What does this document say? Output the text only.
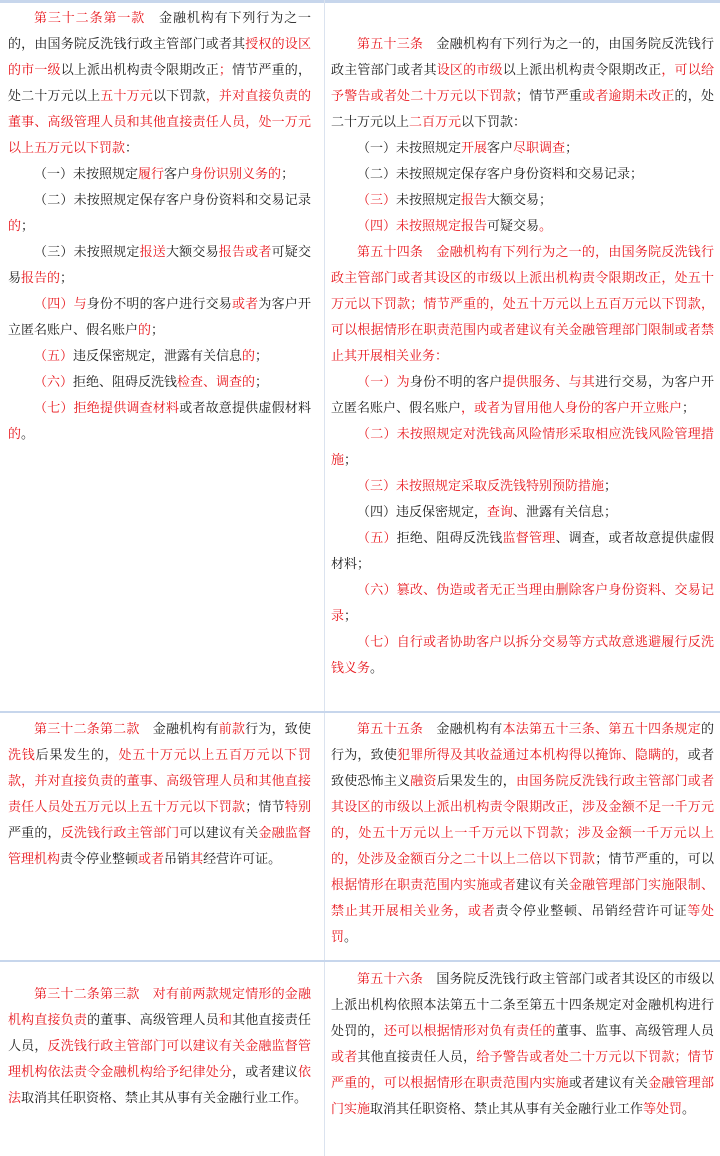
第三十二条第一款　金融机构有下列行为之一的，由国务院反洗钱行政主管部门或者其授权的设区的市一级以上派出机构责令限期改正；情节严重的，处二十万元以上五十万元以下罚款，并对直接负责的董事、高级管理人员和其他直接责任人员，处一万元以上五万元以下罚款：

（一）未按照规定履行客户身份识别义务的；

（二）未按照规定保存客户身份资料和交易记录的；

（三）未按照规定报送大额交易报告或者可疑交易报告的；

（四）与身份不明的客户进行交易或者为客户开立匿名账户、假名账户的；

（五）违反保密规定，泄露有关信息的；

（六）拒绝、阻碍反洗钱检查、调查的；

（七）拒绝提供调查材料或者故意提供虚假材料的。

第五十三条　金融机构有下列行为之一的，由国务院反洗钱行政主管部门或者其设区的市级以上派出机构责令限期改正，可以给予警告或者处二十万元以下罚款；情节严重或者逾期未改正的，处二十万元以上二百万元以下罚款：

（一）未按照规定开展客户尽职调查；

（二）未按照规定保存客户身份资料和交易记录；

（三）未按照规定报告大额交易；

（四）未按照规定报告可疑交易。

第五十四条　金融机构有下列行为之一的，由国务院反洗钱行政主管部门或者其设区的市级以上派出机构责令限期改正，处五十万元以下罚款；情节严重的，处五十万元以上五百万元以下罚款，可以根据情形在职责范围内或者建议有关金融管理部门限制或者禁止其开展相关业务：

（一）为身份不明的客户提供服务、与其进行交易，为客户开立匿名账户、假名账户，或者为冒用他人身份的客户开立账户；

（二）未按照规定对洗钱高风险情形采取相应洗钱风险管理措施；

（三）未按照规定采取反洗钱特别预防措施；

（四）违反保密规定，查询、泄露有关信息；

（五）拒绝、阻碍反洗钱监督管理、调查，或者故意提供虚假材料；

（六）篡改、伪造或者无正当理由删除客户身份资料、交易记录；

（七）自行或者协助客户以拆分交易等方式故意逃避履行反洗钱义务。

第三十二条第二款　金融机构有前款行为，致使洗钱后果发生的，处五十万元以上五百万元以下罚款，并对直接负责的董事、高级管理人员和其他直接责任人员处五万元以上五十万元以下罚款；情节特别严重的，反洗钱行政主管部门可以建议有关金融监督管理机构责令停业整顿或者吊销其经营许可证。

第五十五条　金融机构有本法第五十三条、第五十四条规定的行为，致使犯罪所得及其收益通过本机构得以掩饰、隐瞒的，或者致使恐怖主义融资后果发生的，由国务院反洗钱行政主管部门或者其设区的市级以上派出机构责令限期改正，涉及金额不足一千万元的，处五十万元以上一千万元以下罚款；涉及金额一千万元以上的，处涉及金额百分之二十以上二倍以下罚款；情节严重的，可以根据情形在职责范围内实施或者建议有关金融管理部门实施限制、禁止其开展相关业务，或者责令停业整顿、吊销经营许可证等处罚。

第三十二条第三款　对有前两款规定情形的金融机构直接负责的董事、高级管理人员和其他直接责任人员，反洗钱行政主管部门可以建议有关金融监督管理机构依法责令金融机构给予纪律处分，或者建议依法取消其任职资格、禁止其从事有关金融行业工作。

第五十六条　国务院反洗钱行政主管部门或者其设区的市级以上派出机构依照本法第五十二条至第五十四条规定对金融机构进行处罚的，还可以根据情形对负有责任的董事、监事、高级管理人员或者其他直接责任人员，给予警告或者处二十万元以下罚款；情节严重的，可以根据情形在职责范围内实施或者建议有关金融管理部门实施取消其任职资格、禁止其从事有关金融行业工作等处罚。
